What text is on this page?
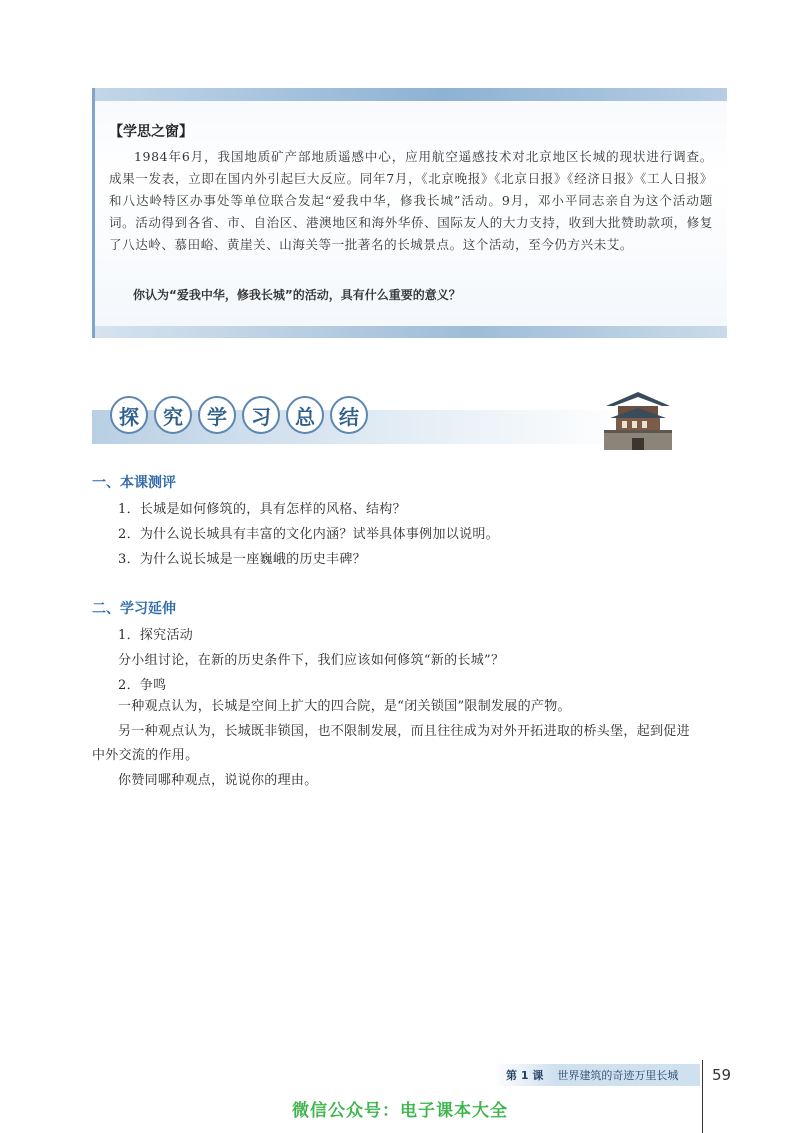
【学思之窗】
1984年6月，我国地质矿产部地质遥感中心，应用航空遥感技术对北京地区长城的现状进行调查。成果一发表，立即在国内外引起巨大反应。同年7月，《北京晚报》《北京日报》《经济日报》《工人日报》和八达岭特区办事处等单位联合发起“爱我中华，修我长城”活动。9月，邓小平同志亲自为这个活动题词。活动得到各省、市、自治区、港澳地区和海外华侨、国际友人的大力支持，收到大批赞助款项，修复了八达岭、慕田峪、黄崖关、山海关等一批著名的长城景点。这个活动，至今仍方兴未艾。
你认为“爱我中华，修我长城”的活动，具有什么重要的意义？
探	究	学	习	总	结
一、本课测评
1．长城是如何修筑的，具有怎样的风格、结构？
2．为什么说长城具有丰富的文化内涵？试举具体事例加以说明。
3．为什么说长城是一座巍峨的历史丰碑？
二、学习延伸
1．探究活动
分小组讨论，在新的历史条件下，我们应该如何修筑“新的长城”？
2．争鸣
一种观点认为，长城是空间上扩大的四合院，是“闭关锁国”限制发展的产物。
另一种观点认为，长城既非锁国，也不限制发展，而且往往成为对外开拓进取的桥头堡，起到促进
中外交流的作用。
你赞同哪种观点，说说你的理由。
第 1 课 世界建筑的奇迹万里长城 59
微信公众号：电子课本大全
